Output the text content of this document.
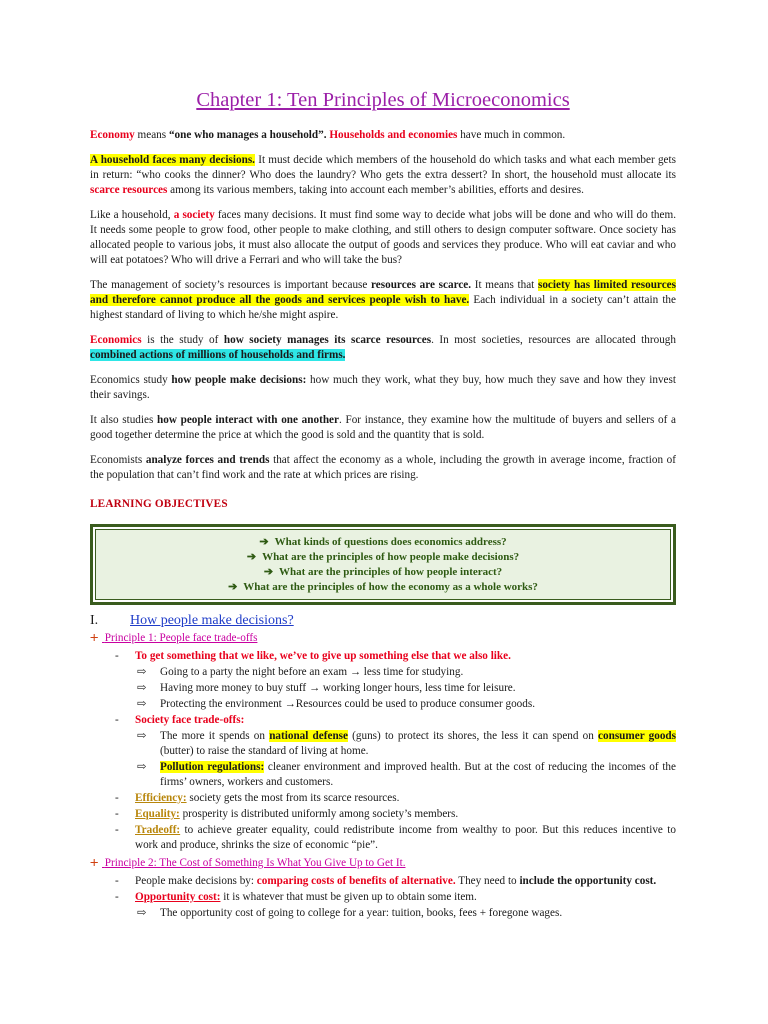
Chapter 1: Ten Principles of Microeconomics

Economy means “one who manages a household”. Households and economies have much in common.

A household faces many decisions. It must decide which members of the household do which tasks and what each member gets in return: “who cooks the dinner? Who does the laundry? Who gets the extra dessert? In short, the household must allocate its scarce resources among its various members, taking into account each member’s abilities, efforts and desires.

Like a household, a society faces many decisions. It must find some way to decide what jobs will be done and who will do them. It needs some people to grow food, other people to make clothing, and still others to design computer software. Once society has allocated people to various jobs, it must also allocate the output of goods and services they produce. Who will eat caviar and who will eat potatoes? Who will drive a Ferrari and who will take the bus?

The management of society’s resources is important because resources are scarce. It means that society has limited resources and therefore cannot produce all the goods and services people wish to have. Each individual in a society can’t attain the highest standard of living to which he/she might aspire.

Economics is the study of how society manages its scarce resources. In most societies, resources are allocated through combined actions of millions of households and firms.

Economics study how people make decisions: how much they work, what they buy, how much they save and how they invest their savings.

It also studies how people interact with one another. For instance, they examine how the multitude of buyers and sellers of a good together determine the price at which the good is sold and the quantity that is sold.

Economists analyze forces and trends that affect the economy as a whole, including the growth in average income, fraction of the population that can’t find work and the rate at which prices are rising.

LEARNING OBJECTIVES
➔ What kinds of questions does economics address?
➔ What are the principles of how people make decisions?
➔ What are the principles of how people interact?
➔ What are the principles of how the economy as a whole works?
I.	How people make decisions?
🞤 Principle 1: People face trade-offs
- To get something that we like, we’ve to give up something else that we also like.
⇨ Going to a party the night before an exam → less time for studying.
⇨ Having more money to buy stuff → working longer hours, less time for leisure.
⇨ Protecting the environment →Resources could be used to produce consumer goods.
- Society face trade-offs:
⇨ The more it spends on national defense (guns) to protect its shores, the less it can spend on consumer goods (butter) to raise the standard of living at home.
⇨ Pollution regulations: cleaner environment and improved health. But at the cost of reducing the incomes of the firms’ owners, workers and customers.
- Efficiency: society gets the most from its scarce resources.
- Equality: prosperity is distributed uniformly among society’s members.
- Tradeoff: to achieve greater equality, could redistribute income from wealthy to poor. But this reduces incentive to work and produce, shrinks the size of economic “pie”.
🞤 Principle 2: The Cost of Something Is What You Give Up to Get It.
- People make decisions by: comparing costs of benefits of alternative. They need to include the opportunity cost.
- Opportunity cost: it is whatever that must be given up to obtain some item.
⇨ The opportunity cost of going to college for a year: tuition, books, fees + foregone wages.
